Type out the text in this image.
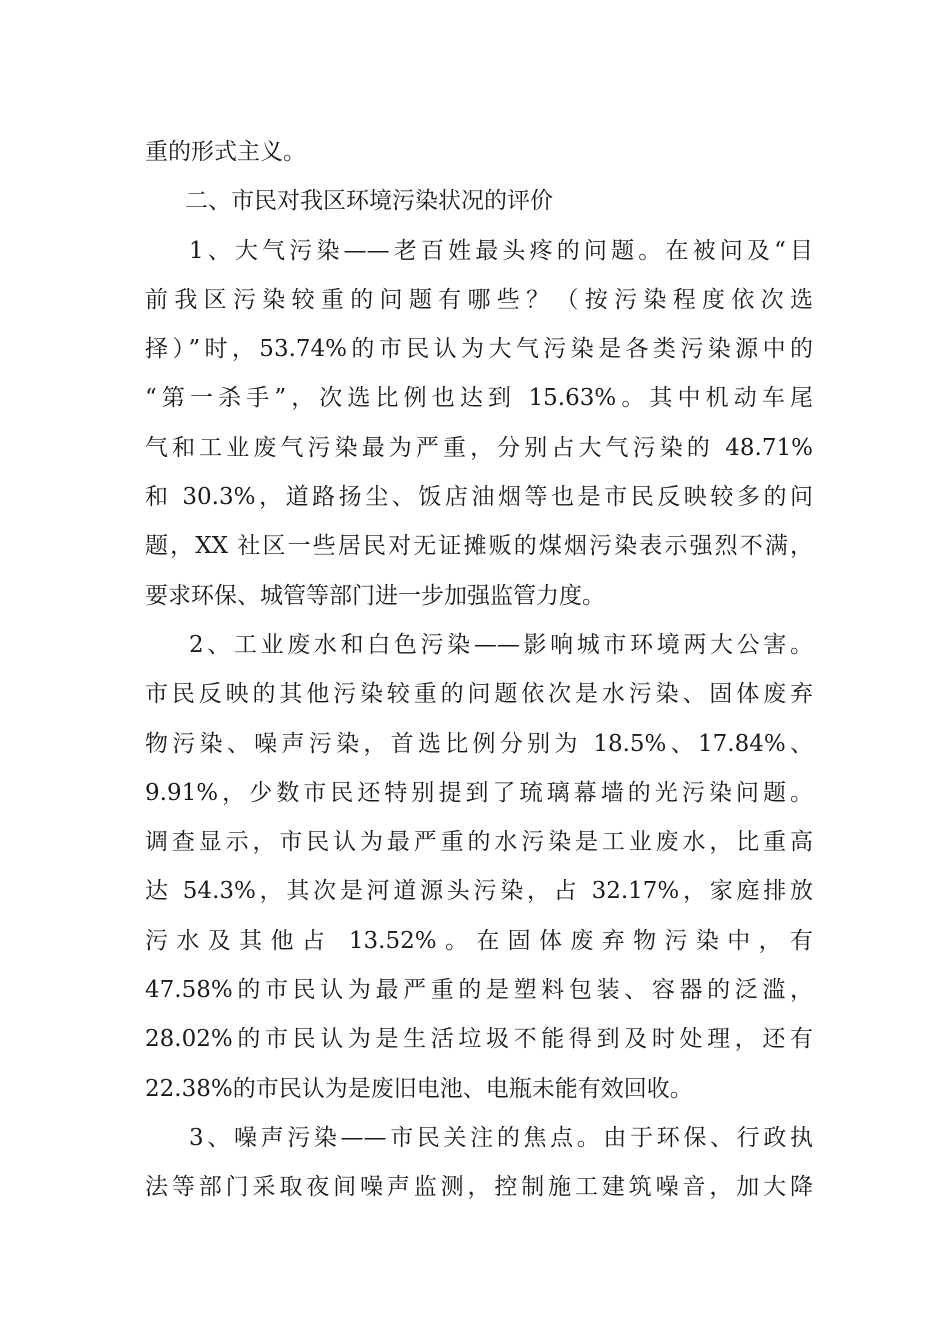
重的形式主义。
二、市民对我区环境污染状况的评价
1、大气污染——老百姓最头疼的问题。在被问及“目
前我区污染较重的问题有哪些？（按污染程度依次选
择）”时，53.74%的市民认为大气污染是各类污染源中的
“第一杀手”，次选比例也达到 15.63%。其中机动车尾
气和工业废气污染最为严重，分别占大气污染的 48.71%
和 30.3%，道路扬尘、饭店油烟等也是市民反映较多的问
题，XX 社区一些居民对无证摊贩的煤烟污染表示强烈不满，
要求环保、城管等部门进一步加强监管力度。
2、工业废水和白色污染——影响城市环境两大公害。
市民反映的其他污染较重的问题依次是水污染、固体废弃
物污染、噪声污染，首选比例分别为 18.5%、17.84%、
9.91%，少数市民还特别提到了琉璃幕墙的光污染问题。
调查显示，市民认为最严重的水污染是工业废水，比重高
达 54.3%，其次是河道源头污染，占 32.17%，家庭排放
污水及其他占 13.52%。在固体废弃物污染中，有
47.58%的市民认为最严重的是塑料包装、容器的泛滥，
28.02%的市民认为是生活垃圾不能得到及时处理，还有
22.38%的市民认为是废旧电池、电瓶未能有效回收。
3、噪声污染——市民关注的焦点。由于环保、行政执
法等部门采取夜间噪声监测，控制施工建筑噪音，加大降
